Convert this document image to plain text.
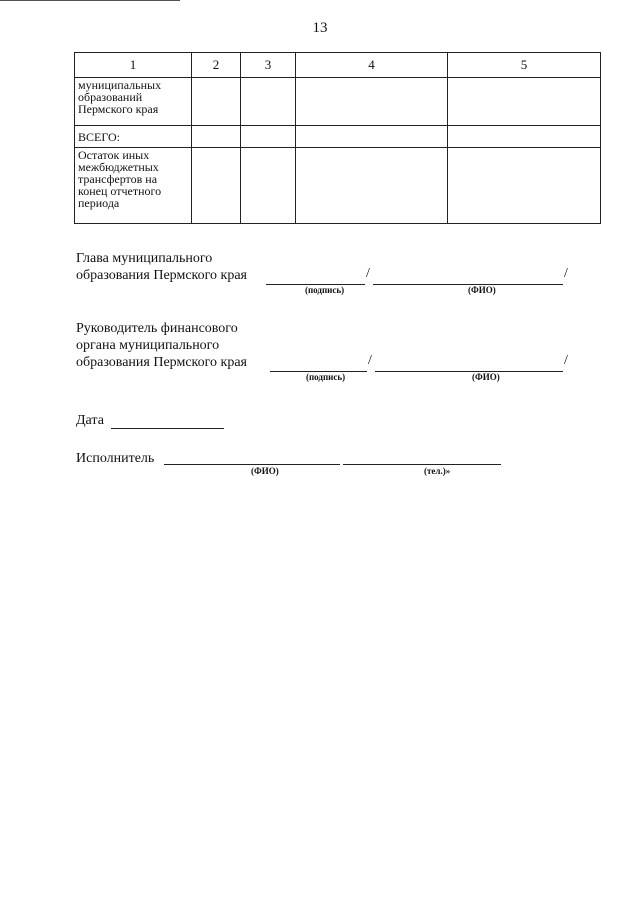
13
1	2	3	4	5
муниципальных образований Пермского края				
ВСЕГО:				
Остаток иных межбюджетных трансфертов на конец отчетного периода				
Глава муниципального
образования Пермского края	/	/
(подпись)	(ФИО)
Руководитель финансового
органа муниципального
образования Пермского края	/	/
(подпись)	(ФИО)
Дата
Исполнитель
(ФИО)	(тел.)»
